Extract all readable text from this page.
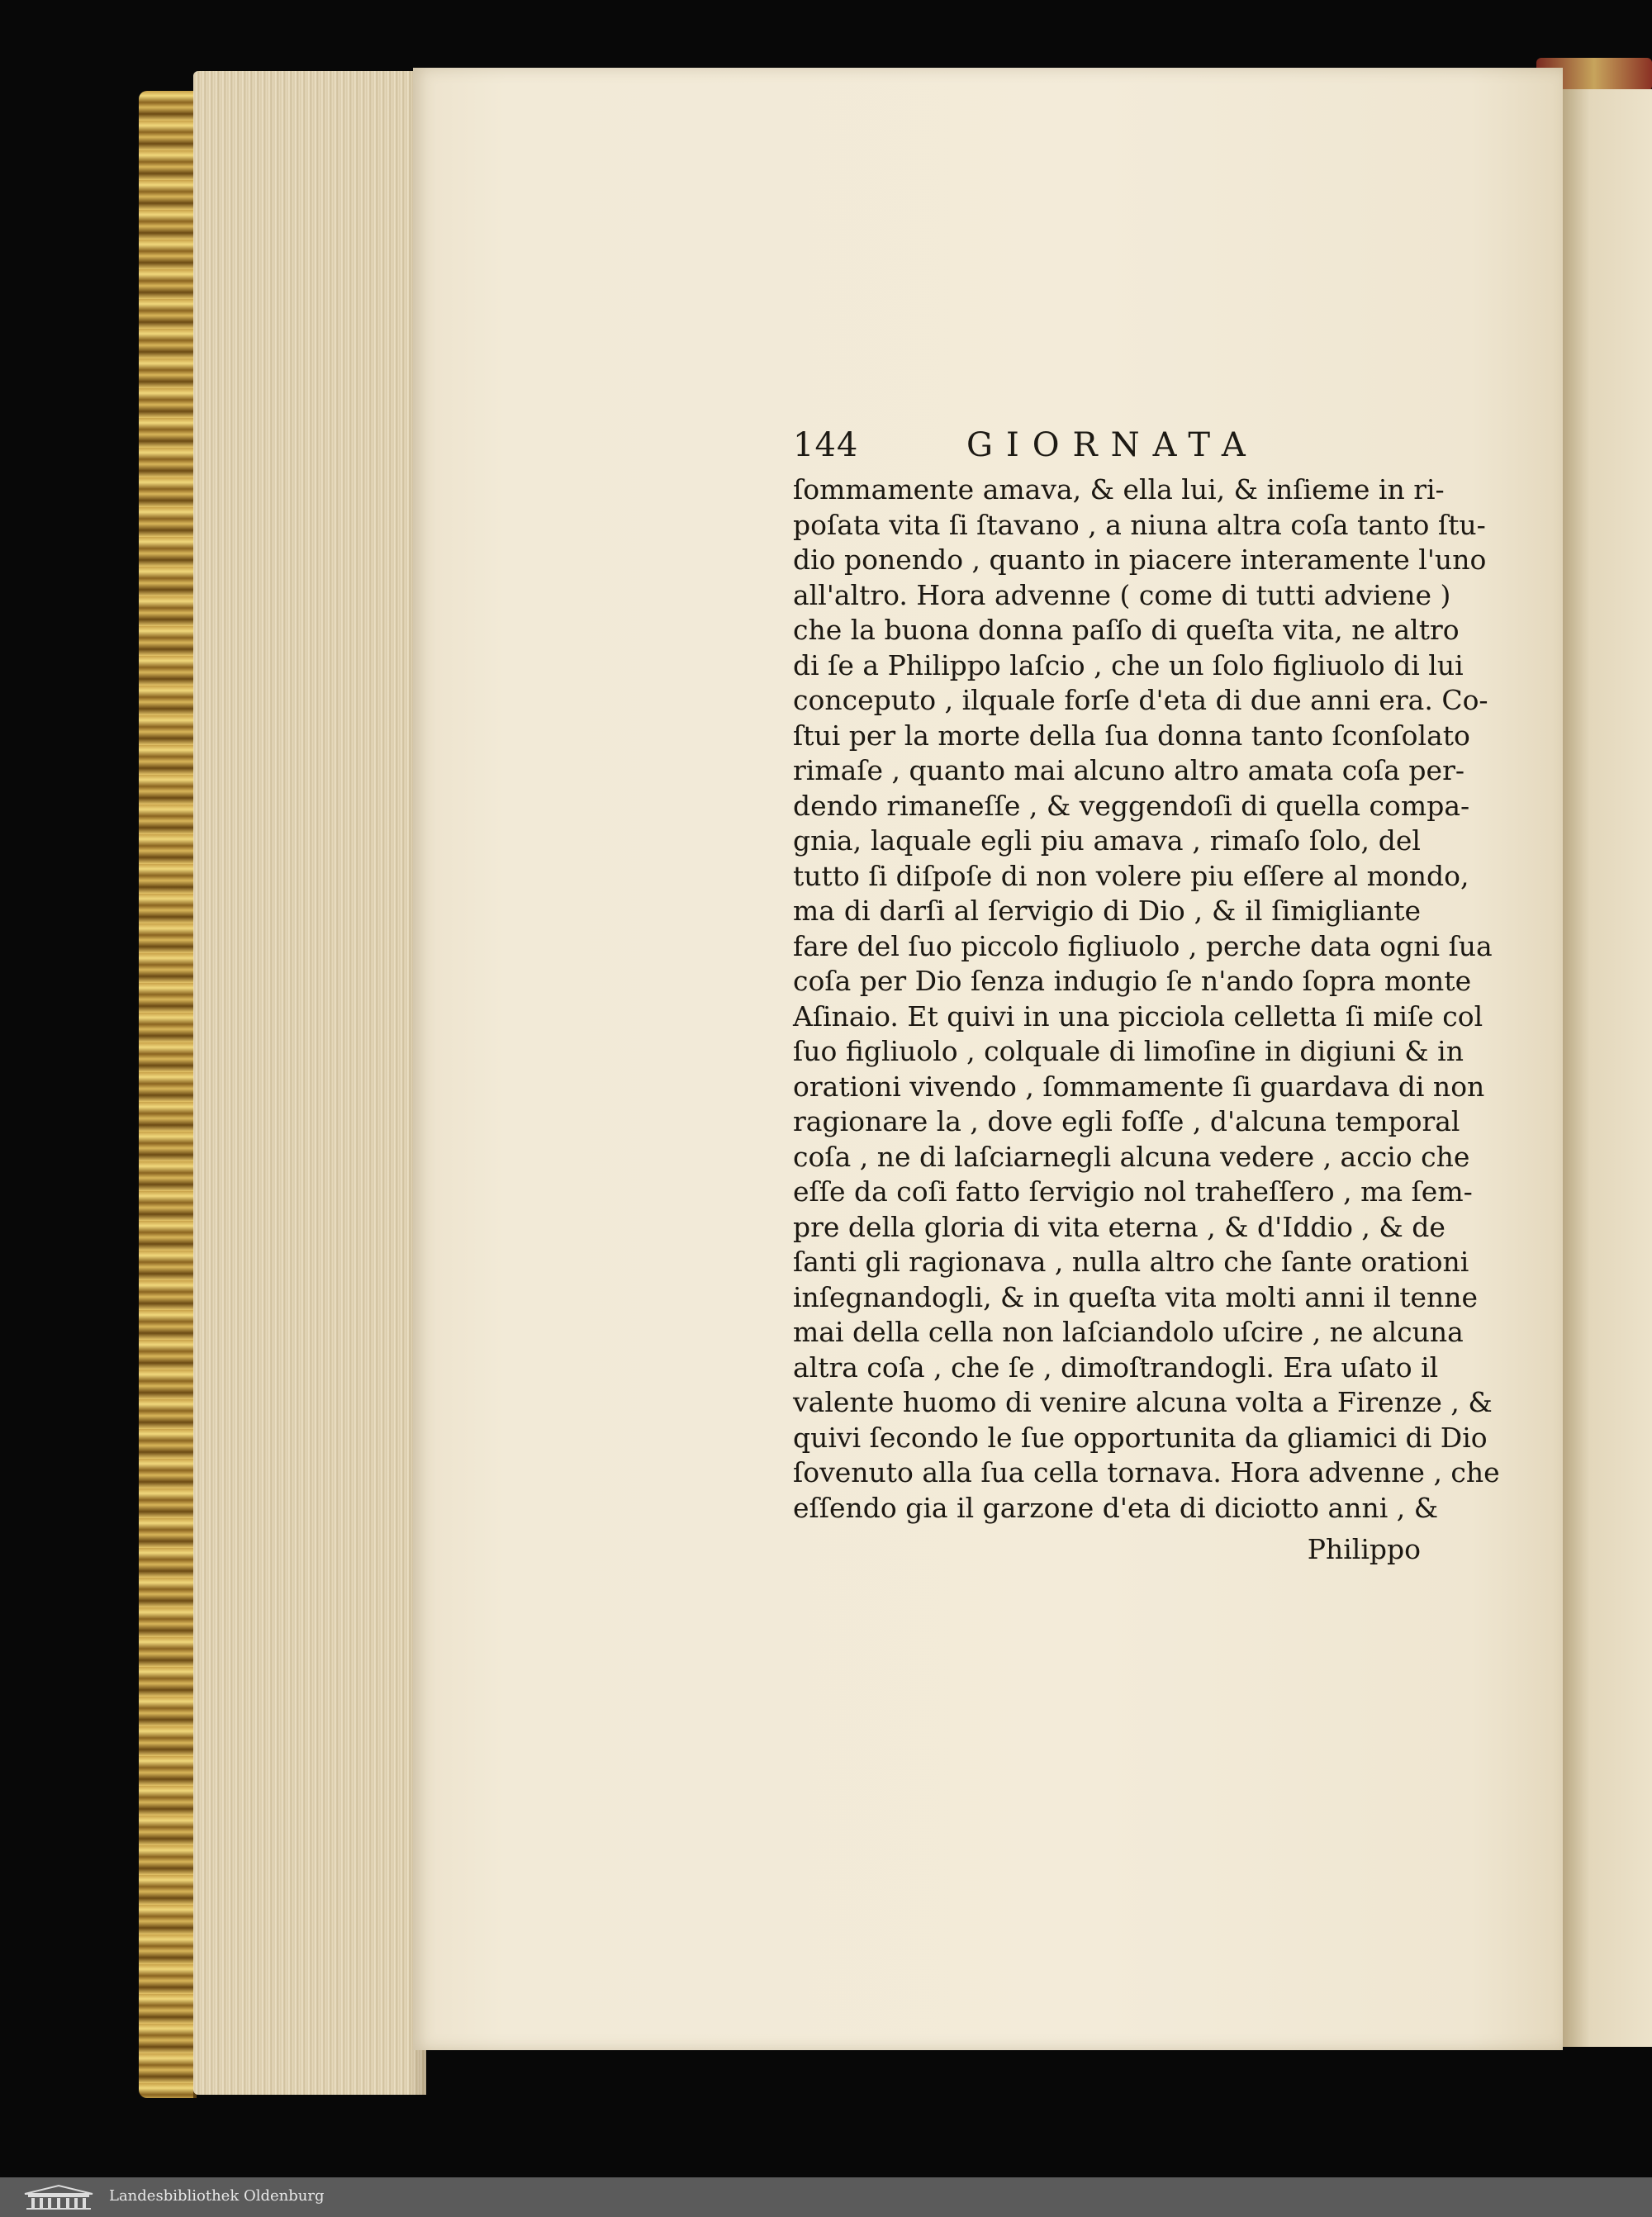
144	GIORNATA
ſommamente amava, & ella lui, & inſieme in ri-
poſata vita ſi ſtavano , a niuna altra coſa tanto ſtu-
dio ponendo , quanto in piacere interamente l'uno
all'altro. Hora advenne ( come di tutti adviene )
che la buona donna paſſo di queſta vita, ne altro
di ſe a Philippo laſcio , che un ſolo figliuolo di lui
conceputo , ilquale forſe d'eta di due anni era. Co-
ſtui per la morte della ſua donna tanto ſconſolato
rimaſe , quanto mai alcuno altro amata coſa per-
dendo rimaneſſe , & veggendoſi di quella compa-
gnia, laquale egli piu amava , rimaſo ſolo, del
tutto ſi diſpoſe di non volere piu eſſere al mondo,
ma di darſi al ſervigio di Dio , & il ſimigliante
fare del ſuo piccolo figliuolo , perche data ogni ſua
coſa per Dio ſenza indugio ſe n'ando ſopra monte
Aſinaio. Et quivi in una picciola celletta ſi miſe col
ſuo figliuolo , colquale di limoſine in digiuni & in
orationi vivendo , ſommamente ſi guardava di non
ragionare la , dove egli foſſe , d'alcuna temporal
coſa , ne di laſciarnegli alcuna vedere , accio che
eſſe da coſi fatto ſervigio nol traheſſero , ma ſem-
pre della gloria di vita eterna , & d'Iddio , & de
ſanti gli ragionava , nulla altro che ſante orationi
inſegnandogli, & in queſta vita molti anni il tenne
mai della cella non laſciandolo uſcire , ne alcuna
altra coſa , che ſe , dimoſtrandogli. Era uſato il
valente huomo di venire alcuna volta a Firenze , &
quivi ſecondo le ſue opportunita da gliamici di Dio
ſovenuto alla ſua cella tornava. Hora advenne , che
eſſendo gia il garzone d'eta di diciotto anni , &
Philippo
Landesbibliothek Oldenburg
